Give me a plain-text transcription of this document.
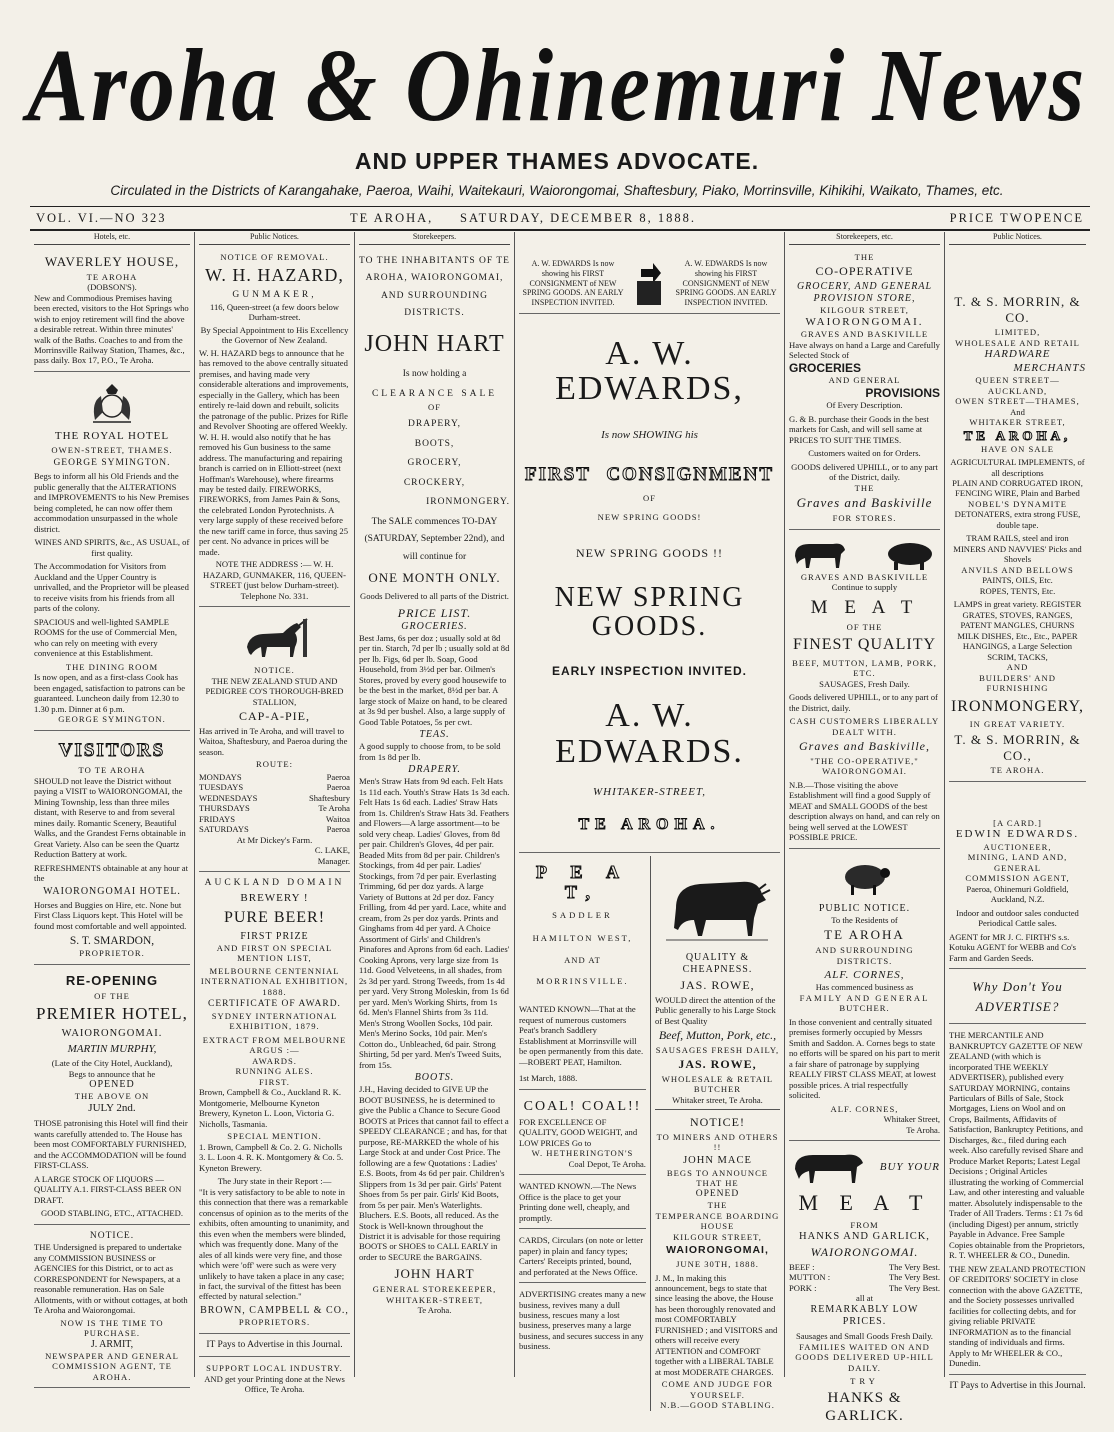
Aroha & Ohinemuri News
AND UPPER THAMES ADVOCATE.
Circulated in the Districts of Karangahake, Paeroa, Waihi, Waitekauri, Waiorongomai, Shaftesbury, Piako, Morrinsville, Kihikihi, Waikato, Thames, etc.
VOL. VI.—NO 323	TE AROHA, SATURDAY, DECEMBER 8, 1888.	PRICE TWOPENCE
Hotels, etc.
WAVERLEY HOUSE,
TE AROHA
(DOBSON'S).
New and Commodious Premises having been erected, visitors to the Hot Springs who wish to enjoy retirement will find the above a desirable retreat. Within three minutes' walk of the Baths. Coaches to and from the Morrinsville Railway Station, Thames, &c., pass daily. Box 17, P.O., Te Aroha.
THE ROYAL HOTEL
OWEN-STREET, THAMES.
GEORGE SYMINGTON.
Begs to inform all his Old Friends and the public generally that the ALTERATIONS and IMPROVEMENTS to his New Premises being completed, he can now offer them accommodation unsurpassed in the whole district.
WINES AND SPIRITS, &c., AS USUAL, of first quality.
The Accommodation for Visitors from Auckland and the Upper Country is unrivalled, and the Proprietor will be pleased to receive visits from his friends from all parts of the colony.
SPACIOUS and well-lighted SAMPLE ROOMS for the use of Commercial Men, who can rely on meeting with every convenience at this Establishment.
THE DINING ROOM
Is now open, and as a first-class Cook has been engaged, satisfaction to patrons can be guaranteed. Luncheon daily from 12.30 to 1.30 p.m. Dinner at 6 p.m.
GEORGE SYMINGTON.
VISITORS
TO TE AROHA
SHOULD not leave the District without paying a VISIT to WAIORONGOMAI, the Mining Township, less than three miles distant, with Reserve to and from several mines daily. Romantic Scenery, Beautiful Walks, and the Grandest Ferns obtainable in Great Variety. Also can be seen the Quartz Reduction Battery at work.
REFRESHMENTS obtainable at any hour at the
WAIORONGOMAI HOTEL.
Horses and Buggies on Hire, etc. None but First Class Liquors kept. This Hotel will be found most comfortable and well appointed.
S. T. SMARDON,
PROPRIETOR.
RE-OPENING
OF THE
PREMIER HOTEL,
WAIORONGOMAI.
MARTIN MURPHY,
(Late of the City Hotel, Auckland),
Begs to announce that he
OPENED
THE ABOVE ON
JULY 2nd.
THOSE patronising this Hotel will find their wants carefully attended to. The House has been most COMFORTABLY FURNISHED, and the ACCOMMODATION will be found FIRST-CLASS.
A LARGE STOCK OF LIQUORS —QUALITY A.1. FIRST-CLASS BEER ON DRAFT.
GOOD STABLING, ETC., ATTACHED.
NOTICE.
THE Undersigned is prepared to undertake any COMMISSION BUSINESS or AGENCIES for this District, or to act as CORRESPONDENT for Newspapers, at a reasonable remuneration. Has on Sale Allotments, with or without cottages, at both Te Aroha and Waiorongomai.
NOW IS THE TIME TO PURCHASE.
J. ARMIT,
NEWSPAPER AND GENERAL COMMISSION AGENT, TE AROHA.
Public Notices.
NOTICE OF REMOVAL.
W. H. HAZARD,
GUNMAKER,
116, Queen-street (a few doors below Durham-street.
By Special Appointment to His Excellency the Governor of New Zealand.
W. H. HAZARD begs to announce that he has removed to the above centrally situated premises, and having made very considerable alterations and improvements, especially in the Gallery, which has been entirely re-laid down and rebuilt, solicits the patronage of the public. Prizes for Rifle and Revolver Shooting are offered Weekly. W. H. H. would also notify that he has removed his Gun business to the same address. The manufacturing and repairing branch is carried on in Elliott-street (next Hoffman's Warehouse), where firearms may be tested daily. FIREWORKS, FIREWORKS, from James Pain & Sons, the celebrated London Pyrotechnists. A very large supply of these received before the new tariff came in force, thus saving 25 per cent. No advance in prices will be made.
NOTE THE ADDRESS :— W. H. HAZARD, GUNMAKER, 116, QUEEN-STREET (just below Durham-street). Telephone No. 331.
NOTICE.
THE NEW ZEALAND STUD AND PEDIGREE CO'S THOROUGH-BRED STALLION,
CAP-A-PIE,
Has arrived in Te Aroha, and will travel to Waitoa, Shaftesbury, and Paeroa during the season.
ROUTE:
MONDAYS	Paeroa
TUESDAYS	Paeroa
WEDNESDAYS	Shaftesbury
THURSDAYS	Te Aroha
FRIDAYS	Waitoa
SATURDAYS	Paeroa
At Mr Dickey's Farm.
C. LAKE,
Manager.
AUCKLAND DOMAIN
BREWERY !
PURE BEER!
FIRST PRIZE
AND FIRST ON SPECIAL MENTION LIST,
MELBOURNE CENTENNIAL INTERNATIONAL EXHIBITION, 1888.
CERTIFICATE OF AWARD.
SYDNEY INTERNATIONAL EXHIBITION, 1879.
EXTRACT FROM MELBOURNE ARGUS :—
AWARDS.
RUNNING ALES.
FIRST.
Brown, Campbell & Co., Auckland R. K. Montgomerie, Melbourne Kyneton Brewery, Kyneton L. Loon, Victoria G. Nicholls, Tasmania.
SPECIAL MENTION.
1. Brown, Campbell & Co. 2. G. Nicholls 3. L. Loon 4. R. K. Montgomery & Co. 5. Kyneton Brewery.
The Jury state in their Report :—
"It is very satisfactory to be able to note in this connection that there was a remarkable concensus of opinion as to the merits of the exhibits, often amounting to unanimity, and this even when the members were blinded, which was frequently done. Many of the ales of all kinds were very fine, and those which were 'off' were such as were very unlikely to have taken a place in any case; in fact, the survival of the fittest has been effected by natural selection."
BROWN, CAMPBELL & CO.,
PROPRIETORS.
IT Pays to Advertise in this Journal.
SUPPORT LOCAL INDUSTRY.
AND get your Printing done at the News Office, Te Aroha.
Storekeepers.
TO THE INHABITANTS OF TE
AROHA, WAIORONGOMAI,
AND SURROUNDING
DISTRICTS.
JOHN HART
Is now holding a
CLEARANCE SALE
OF
DRAPERY,
BOOTS,
GROCERY,
CROCKERY,
IRONMONGERY.
The SALE commences TO-DAY
(SATURDAY, September 22nd), and
will continue for
ONE MONTH ONLY.
Goods Delivered to all parts of the District.
PRICE LIST.
GROCERIES.
Best Jams, 6s per doz ; usually sold at 8d per tin. Starch, 7d per lb ; usually sold at 8d per lb. Figs, 6d per lb. Soap, Good Household, from 3½d per bar. Oilmen's Stores, proved by every good housewife to be the best in the market, 8½d per bar. A large stock of Maize on hand, to be cleared at 3s 9d per bushel. Also, a large supply of Good Table Potatoes, 5s per cwt.
TEAS.
A good supply to choose from, to be sold from 1s 8d per lb.
DRAPERY.
Men's Straw Hats from 9d each. Felt Hats 1s 11d each. Youth's Straw Hats 1s 3d each. Felt Hats 1s 6d each. Ladies' Straw Hats from 1s. Children's Straw Hats 3d. Feathers and Flowers—A large assortment—to be sold very cheap. Ladies' Gloves, from 8d per pair. Children's Gloves, 4d per pair. Beaded Mits from 8d per pair. Children's Stockings, from 4d per pair. Ladies' Stockings, from 7d per pair. Everlasting Trimming, 6d per doz yards. A large Variety of Buttons at 2d per doz. Fancy Frilling, from 4d per yard. Lace, white and cream, from 2s per doz yards. Prints and Ginghams from 4d per yard. A Choice Assortment of Girls' and Children's Pinafores and Aprons from 6d each. Ladies' Cooking Aprons, very large size from 1s 11d. Good Velveteens, in all shades, from 2s 3d per yard. Strong Tweeds, from 1s 4d per yard. Very Strong Moleskin, from 1s 6d per yard. Men's Working Shirts, from 1s 6d. Men's Flannel Shirts from 3s 11d. Men's Strong Woollen Socks, 10d pair. Men's Merino Socks, 10d pair. Men's Cotton do., Unbleached, 6d pair. Strong Shirting, 5d per yard. Men's Tweed Suits, from 15s.
BOOTS.
J.H., Having decided to GIVE UP the BOOT BUSINESS, he is determined to give the Public a Chance to Secure Good BOOTS at Prices that cannot fail to effect a SPEEDY CLEARANCE ; and has, for that purpose, RE-MARKED the whole of his Large Stock at and under Cost Price. The following are a few Quotations : Ladies' E.S. Boots, from 4s 6d per pair. Children's Slippers from 1s 3d per pair. Girls' Patent Shoes from 5s per pair. Girls' Kid Boots, from 5s per pair. Men's Waterlights. Bluchers. E.S. Boots, all reduced. As the Stock is Well-known throughout the District it is advisable for those requiring BOOTS or SHOES to CALL EARLY in order to SECURE the BARGAINS.
JOHN HART
GENERAL STOREKEEPER,
WHITAKER-STREET,
Te Aroha.
A. W. EDWARDS Is now showing his FIRST CONSIGNMENT of NEW SPRING GOODS. AN EARLY INSPECTION INVITED.
A. W. EDWARDS Is now showing his FIRST CONSIGNMENT of NEW SPRING GOODS. AN EARLY INSPECTION INVITED.
A. W. EDWARDS,
Is now SHOWING his
FIRST CONSIGNMENT
OF
NEW SPRING GOODS!
NEW SPRING GOODS !!
NEW SPRING GOODS.
EARLY INSPECTION INVITED.
A. W. EDWARDS.
WHITAKER-STREET,
TE AROHA.
P E A T,
SADDLER
HAMILTON WEST,
AND AT
MORRINSVILLE.
WANTED KNOWN—That at the request of numerous customers Peat's branch Saddlery Establishment at Morrinsville will be open permanently from this date.—ROBERT PEAT, Hamilton.
1st March, 1888.
COAL! COAL!!
FOR EXCELLENCE OF QUALITY, GOOD WEIGHT, and LOW PRICES Go to
W. HETHERINGTON'S
Coal Depot, Te Aroha.
WANTED KNOWN.—The News Office is the place to get your Printing done well, cheaply, and promptly.
CARDS, Circulars (on note or letter paper) in plain and fancy types; Carters' Receipts printed, bound, and perforated at the News Office.
ADVERTISING creates many a new business, revives many a dull business, rescues many a lost business, preserves many a large business, and secures success in any business.
QUALITY & CHEAPNESS.
JAS. ROWE,
WOULD direct the attention of the Public generally to his Large Stock of Best Quality
Beef, Mutton, Pork, etc.,
SAUSAGES FRESH DAILY,
JAS. ROWE,
WHOLESALE & RETAIL BUTCHER
Whitaker street, Te Aroha.
NOTICE!
TO MINERS AND OTHERS !!
JOHN MACE
BEGS TO ANNOUNCE THAT HE
OPENED
THE
TEMPERANCE BOARDING HOUSE
KILGOUR STREET,
WAIORONGOMAI,
JUNE 30TH, 1888.
J. M., In making this announcement, begs to state that since leasing the above, the House has been thoroughly renovated and most COMFORTABLY FURNISHED ; and VISITORS and others will receive every ATTENTION and COMFORT together with a LIBERAL TABLE at most MODERATE CHARGES.
COME AND JUDGE FOR YOURSELF.
N.B.—GOOD STABLING.
Storekeepers, etc.
THE
CO-OPERATIVE
GROCERY, AND GENERAL PROVISION STORE,
KILGOUR STREET,
WAIORONGOMAI.
GRAVES AND BASKIVILLE
Have always on hand a Large and Carefully Selected Stock of
GROCERIES
AND GENERAL
PROVISIONS
Of Every Description.
G. & B. purchase their Goods in the best markets for Cash, and will sell same at PRICES TO SUIT THE TIMES.
Customers waited on for Orders.
GOODS delivered UPHILL, or to any part of the District, daily.
THE
Graves and Baskiville
FOR STORES.
GRAVES AND BASKIVILLE
Continue to supply
M E A T
OF THE
FINEST QUALITY
BEEF, MUTTON, LAMB, PORK, ETC.
SAUSAGES, Fresh Daily.
Goods delivered UPHILL, or to any part of the District, daily.
CASH CUSTOMERS LIBERALLY DEALT WITH.
Graves and Baskiville,
"THE CO-OPERATIVE,"
WAIORONGOMAI.
N.B.—Those visiting the above Establishment will find a good Supply of MEAT and SMALL GOODS of the best description always on hand, and can rely on being well served at the LOWEST POSSIBLE PRICE.
PUBLIC NOTICE.
To the Residents of
TE AROHA
AND SURROUNDING DISTRICTS.
ALF. CORNES,
Has commenced business as
FAMILY AND GENERAL
BUTCHER.
In those convenient and centrally situated premises formerly occupied by Messrs Smith and Saddon. A. Cornes begs to state no efforts will be spared on his part to merit a fair share of patronage by supplying REALLY FIRST CLASS MEAT, at lowest possible prices. A trial respectfully solicited.
ALF. CORNES,
Whitaker Street,
Te Aroha.
BUY YOUR
M E A T
FROM
HANKS AND GARLICK,
WAIORONGOMAI.
BEEF :	The Very Best.
MUTTON :	The Very Best.
PORK :	The Very Best.
all at
REMARKABLY LOW PRICES.
Sausages and Small Goods Fresh Daily.
FAMILIES WAITED ON AND GOODS DELIVERED UP-HILL DAILY.
TRY
HANKS & GARLICK.
Public Notices.
T. & S. MORRIN, & CO.
LIMITED,
WHOLESALE AND RETAIL
HARDWARE
MERCHANTS
QUEEN STREET—AUCKLAND,
OWEN STREET—THAMES,
And
WHITAKER STREET,
TE AROHA,
HAVE ON SALE
AGRICULTURAL IMPLEMENTS, of all descriptions
PLAIN AND CORRUGATED IRON, FENCING WIRE, Plain and Barbed
NOBEL'S DYNAMITE
DETONATERS, extra strong FUSE, double tape.
TRAM RAILS, steel and iron
MINERS AND NAVVIES' Picks and Shovels
ANVILS AND BELLOWS
PAINTS, OILS, Etc.
ROPES, TENTS, Etc.
LAMPS in great variety. REGISTER GRATES, STOVES, RANGES, PATENT MANGLES, CHURNS MILK DISHES, Etc., Etc., PAPER HANGINGS, a Large Selection SCRIM, TACKS,
AND
BUILDERS' AND FURNISHING
IRONMONGERY,
IN GREAT VARIETY.
T. & S. MORRIN, & CO.,
TE AROHA.
[A CARD.]
EDWIN EDWARDS.
AUCTIONEER,
MINING, LAND AND, GENERAL
COMMISSION AGENT,
Paeroa, Ohinemuri Goldfield, Auckland, N.Z.
Indoor and outdoor sales conducted Periodical Cattle sales.
AGENT for MR J. C. FIRTH'S s.s. Kotuku AGENT for WEBB and Co's Farm and Garden Seeds.
Why Don't You ADVERTISE?
THE MERCANTILE AND BANKRUPTCY GAZETTE OF NEW ZEALAND (with which is incorporated THE WEEKLY ADVERTISER), published every SATURDAY MORNING, contains Particulars of Bills of Sale, Stock Mortgages, Liens on Wool and on Crops, Bailments, Affidavits of Satisfaction, Bankruptcy Petitions, and Discharges, &c., filed during each week. Also carefully revised Share and Produce Market Reports; Latest Legal Decisions ; Original Articles illustrating the working of Commercial Law, and other interesting and valuable matter. Absolutely indispensable to the Trader of All Traders. Terms : £1 7s 6d (including Digest) per annum, strictly Payable in Advance. Free Sample Copies obtainable from the Proprietors, R. T. WHEELER & CO., Dunedin.
THE NEW ZEALAND PROTECTION OF CREDITORS' SOCIETY in close connection with the above GAZETTE, and the Society possesses unrivalled facilities for collecting debts, and for giving reliable PRIVATE INFORMATION as to the financial standing of individuals and firms. Apply to Mr WHEELER & CO., Dunedin.
IT Pays to Advertise in this Journal.
